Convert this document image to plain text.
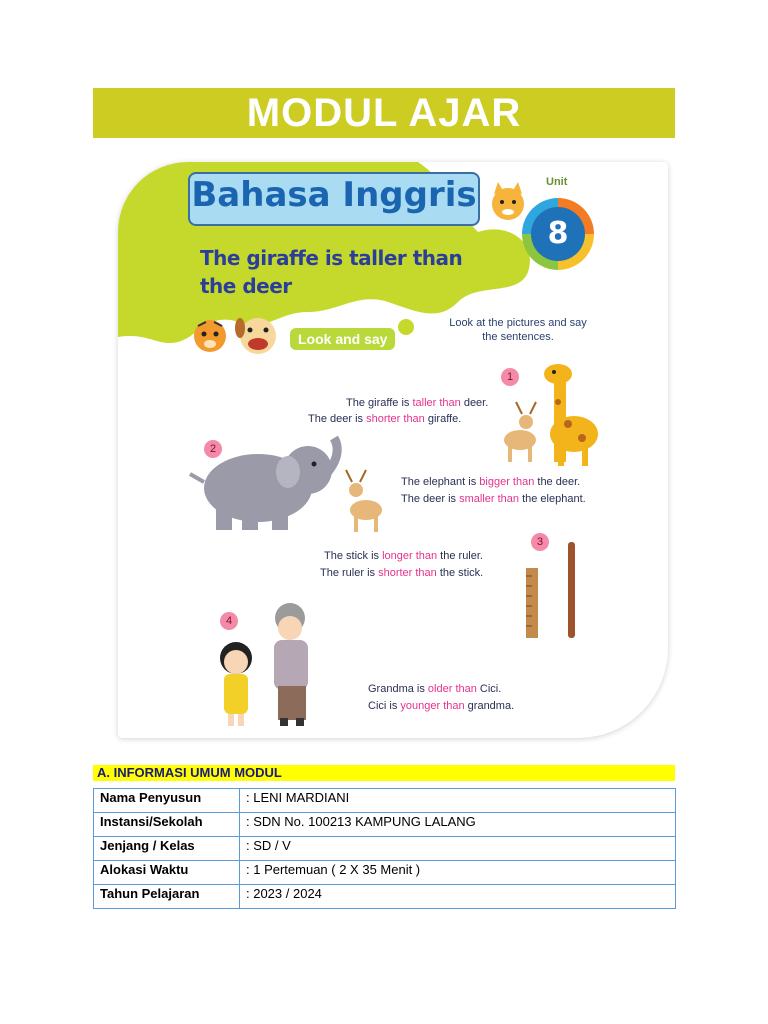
MODUL AJAR
Bahasa Inggris
The giraffe is taller than the deer
Unit
8
Look and say
Look at the pictures and say the sentences.
1
The giraffe is taller than deer.
The deer is shorter than giraffe.
2
The elephant is bigger than the deer.
The deer is smaller than the elephant.
3
The stick is longer than the ruler.
The ruler is shorter than the stick.
4
Grandma is older than Cici.
Cici is younger than grandma.
A. INFORMASI UMUM MODUL
Nama Penyusun	: LENI MARDIANI
Instansi/Sekolah	: SDN No. 100213 KAMPUNG LALANG
Jenjang / Kelas	: SD / V
Alokasi Waktu	: 1 Pertemuan ( 2 X 35 Menit )
Tahun Pelajaran	: 2023 / 2024
